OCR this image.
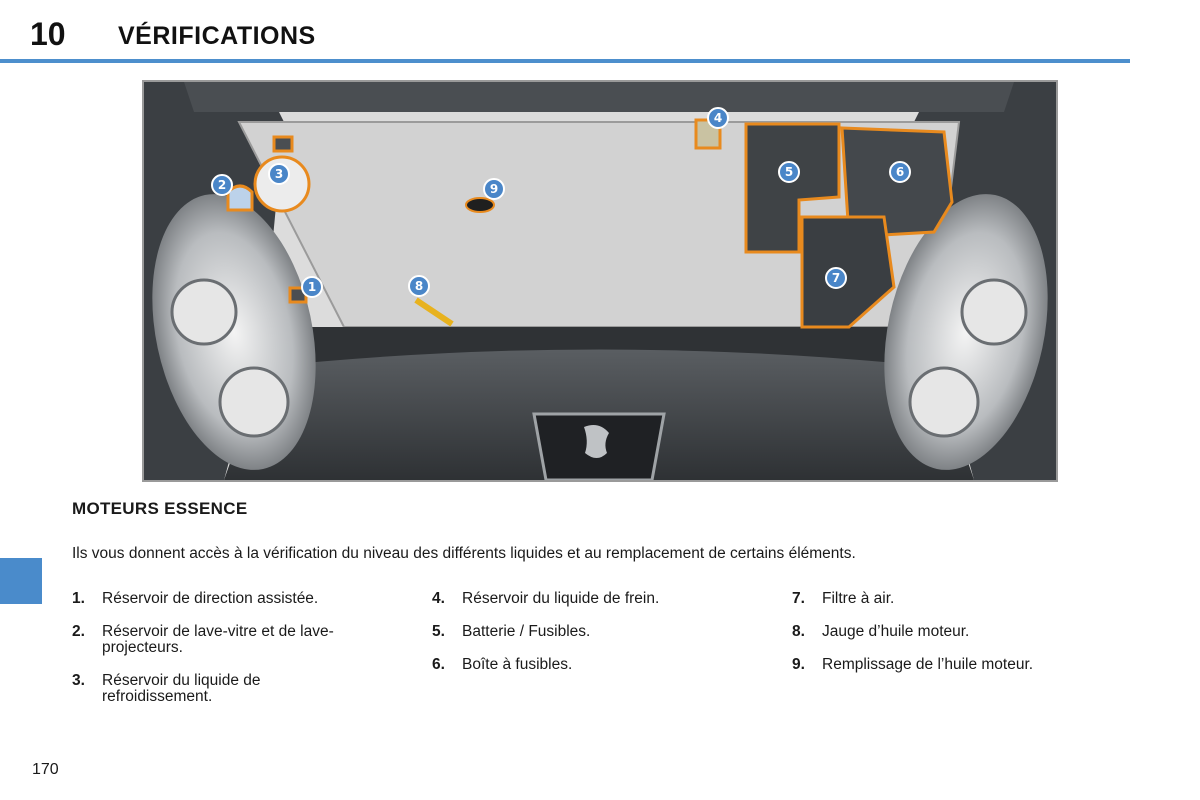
10 VÉRIFICATIONS
1
2
3
4
5	6
7
8
9
MOTEURS ESSENCE
Ils vous donnent accès à la vérification du niveau des différents liquides et au remplacement de certains éléments.
1. Réservoir de direction assistée.
2. Réservoir de lave-vitre et de lave-projecteurs.
3. Réservoir du liquide de refroidissement.
4. Réservoir du liquide de frein.
5. Batterie / Fusibles.
6. Boîte à fusibles.
7. Filtre à air.
8. Jauge d’huile moteur.
9. Remplissage de l’huile moteur.
170
